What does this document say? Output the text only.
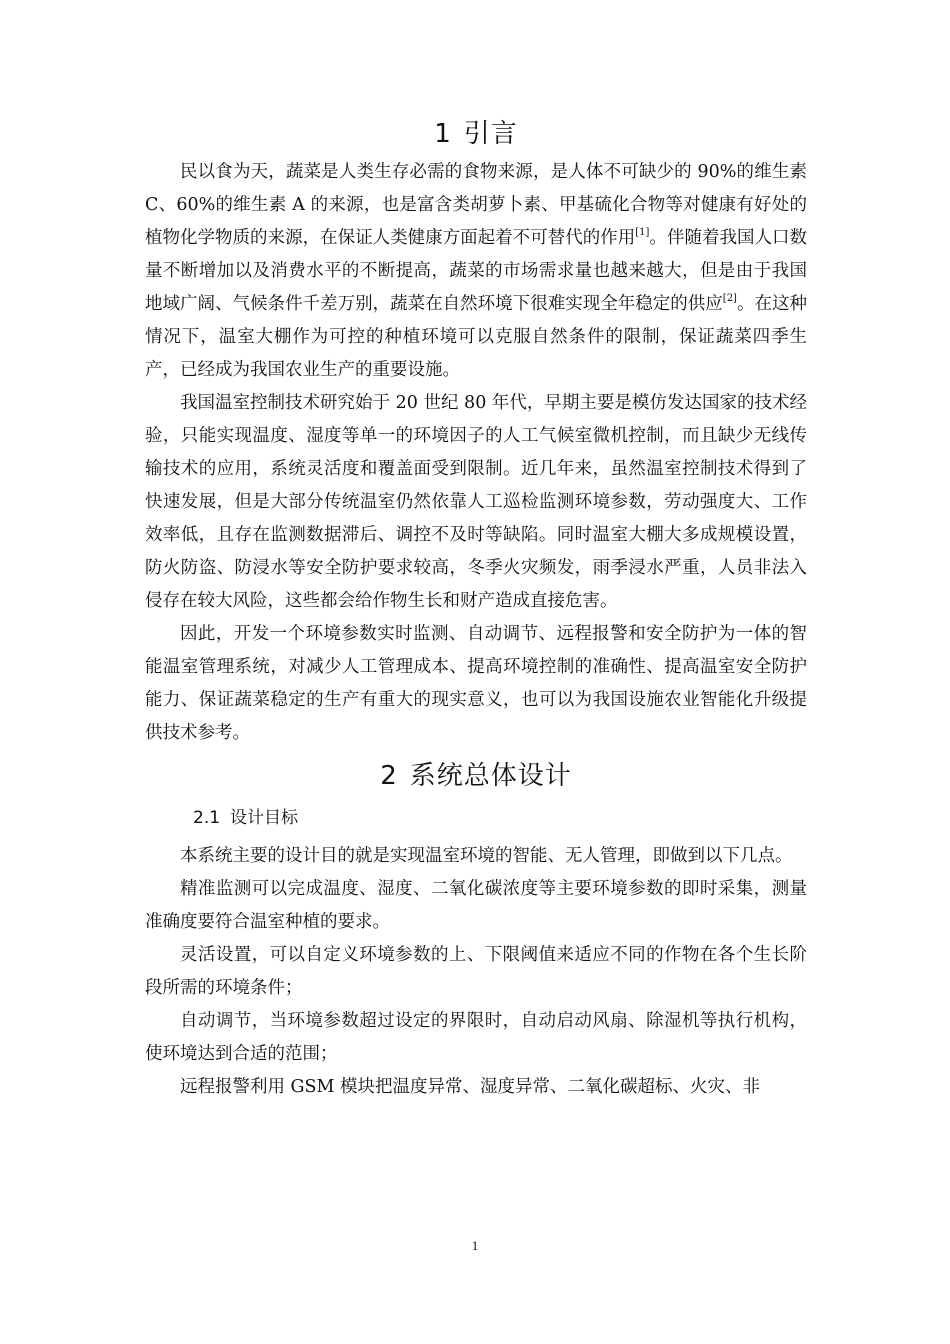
1 引言

民以食为天，蔬菜是人类生存必需的食物来源，是人体不可缺少的 90%的维生素 C、60%的维生素 A 的来源，也是富含类胡萝卜素、甲基硫化合物等对健康有好处的植物化学物质的来源，在保证人类健康方面起着不可替代的作用[1]。伴随着我国人口数量不断增加以及消费水平的不断提高，蔬菜的市场需求量也越来越大，但是由于我国地域广阔、气候条件千差万别，蔬菜在自然环境下很难实现全年稳定的供应[2]。在这种情况下，温室大棚作为可控的种植环境可以克服自然条件的限制，保证蔬菜四季生产，已经成为我国农业生产的重要设施。

我国温室控制技术研究始于 20 世纪 80 年代，早期主要是模仿发达国家的技术经验，只能实现温度、湿度等单一的环境因子的人工气候室微机控制，而且缺少无线传输技术的应用，系统灵活度和覆盖面受到限制。近几年来，虽然温室控制技术得到了快速发展，但是大部分传统温室仍然依靠人工巡检监测环境参数，劳动强度大、工作效率低，且存在监测数据滞后、调控不及时等缺陷。同时温室大棚大多成规模设置，防火防盗、防浸水等安全防护要求较高，冬季火灾频发，雨季浸水严重，人员非法入侵存在较大风险，这些都会给作物生长和财产造成直接危害。

因此，开发一个环境参数实时监测、自动调节、远程报警和安全防护为一体的智能温室管理系统，对减少人工管理成本、提高环境控制的准确性、提高温室安全防护能力、保证蔬菜稳定的生产有重大的现实意义，也可以为我国设施农业智能化升级提供技术参考。

2 系统总体设计
2.1 设计目标

本系统主要的设计目的就是实现温室环境的智能、无人管理，即做到以下几点。

精准监测可以完成温度、湿度、二氧化碳浓度等主要环境参数的即时采集，测量准确度要符合温室种植的要求。

灵活设置，可以自定义环境参数的上、下限阈值来适应不同的作物在各个生长阶段所需的环境条件；

自动调节，当环境参数超过设定的界限时，自动启动风扇、除湿机等执行机构，使环境达到合适的范围；

远程报警利用 GSM 模块把温度异常、湿度异常、二氧化碳超标、火灾、非

1
